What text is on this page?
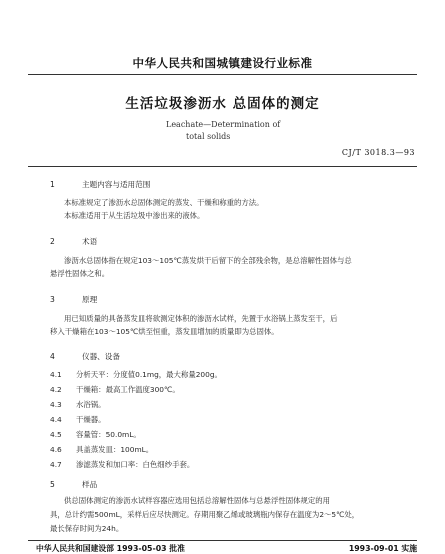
中华人民共和国城镇建设行业标准
生活垃圾渗沥水 总固体的测定
Leachate—Determination of
total solids
CJ/T 3018.3—93
1	主题内容与适用范围
本标准规定了渗沥水总固体测定的蒸发、干燥和称重的方法。
本标准适用于从生活垃圾中渗出来的液体。
2	术语
渗沥水总固体指在规定103～105℃蒸发烘干后留下的全部残余物，是总溶解性固体与总
悬浮性固体之和。
3	原理
用已知质量的具备蒸发皿将欲测定体积的渗沥水试样，先置于水浴锅上蒸发至干，后
移入干燥箱在103～105℃烘至恒重，蒸发皿增加的质量即为总固体。
4	仪器、设备
4.1 分析天平：分度值0.1mg，最大称量200g。
4.2 干燥箱：最高工作温度300℃。
4.3 水浴锅。
4.4 干燥器。
4.5 容量管：50.0mL。
4.6 具盖蒸发皿：100mL。
4.7 渗滤蒸发和加口率：白色细纱手套。
5	样品
供总固体测定的渗沥水试样容器应选用包括总溶解性固体与总悬浮性固体规定的用
具，总计约需500mL，采样后应尽快测定。存期用聚乙烯或玻璃瓶内保存在温度为2～5℃处，
最长保存时间为24h。
中华人民共和国建设部 1993-05-03 批准	1993-09-01 实施
